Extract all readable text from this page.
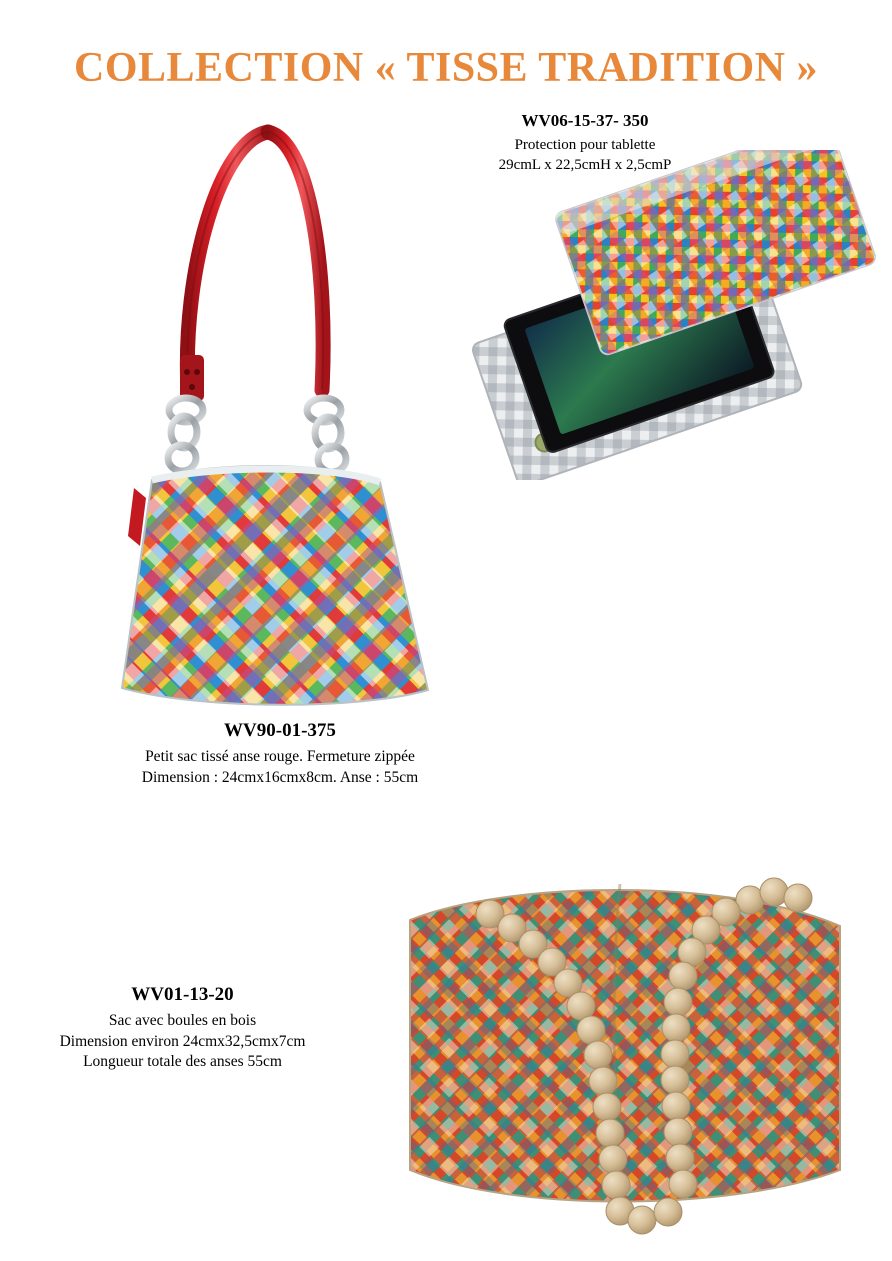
COLLECTION « TISSE TRADITION »
WV06-15-37- 350
Protection pour tablette
29cmL x 22,5cmH x 2,5cmP
WV90-01-375
Petit sac tissé anse rouge. Fermeture zippée
Dimension : 24cmx16cmx8cm. Anse : 55cm
WV01-13-20
Sac avec boules en bois
Dimension environ 24cmx32,5cmx7cm
Longueur totale des anses 55cm
